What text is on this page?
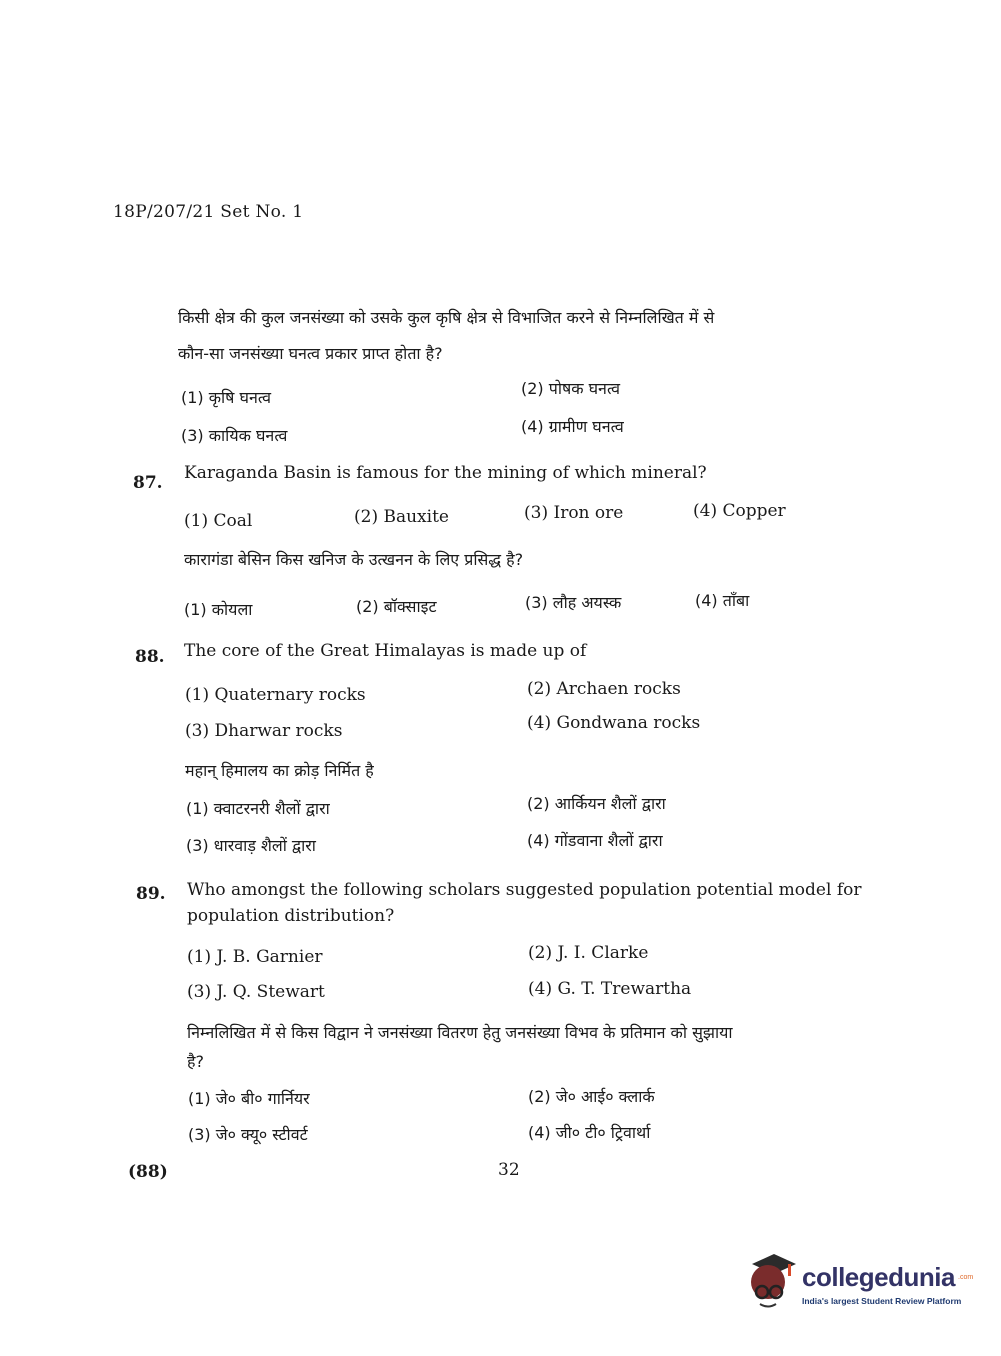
18P/207/21 Set No. 1
किसी क्षेत्र की कुल जनसंख्या को उसके कुल कृषि क्षेत्र से विभाजित करने से निम्नलिखित में से
कौन-सा जनसंख्या घनत्व प्रकार प्राप्त होता है?
(1) कृषि घनत्व	(2) पोषक घनत्व
(3) कायिक घनत्व	(4) ग्रामीण घनत्व
87. Karaganda Basin is famous for the mining of which mineral?
(1) Coal	(2) Bauxite	(3) Iron ore	(4) Copper
कारागंडा बेसिन किस खनिज के उत्खनन के लिए प्रसिद्ध है?
(1) कोयला	(2) बॉक्साइट	(3) लौह अयस्क	(4) ताँबा
88. The core of the Great Himalayas is made up of
(1) Quaternary rocks	(2) Archaen rocks
(3) Dharwar rocks	(4) Gondwana rocks
महान् हिमालय का क्रोड़ निर्मित है
(1) क्वाटरनरी शैलों द्वारा	(2) आर्कियन शैलों द्वारा
(3) धारवाड़ शैलों द्वारा	(4) गोंडवाना शैलों द्वारा
89. Who amongst the following scholars suggested population potential model for
population distribution?
(1) J. B. Garnier	(2) J. I. Clarke
(3) J. Q. Stewart	(4) G. T. Trewartha
निम्नलिखित में से किस विद्वान ने जनसंख्या वितरण हेतु जनसंख्या विभव के प्रतिमान को सुझाया
है?
(1) जे० बी० गार्नियर	(2) जे० आई० क्लार्क
(3) जे० क्यू० स्टीवर्ट	(4) जी० टी० ट्रिवार्था
(88)	32
collegedunia .com
India's largest Student Review Platform
